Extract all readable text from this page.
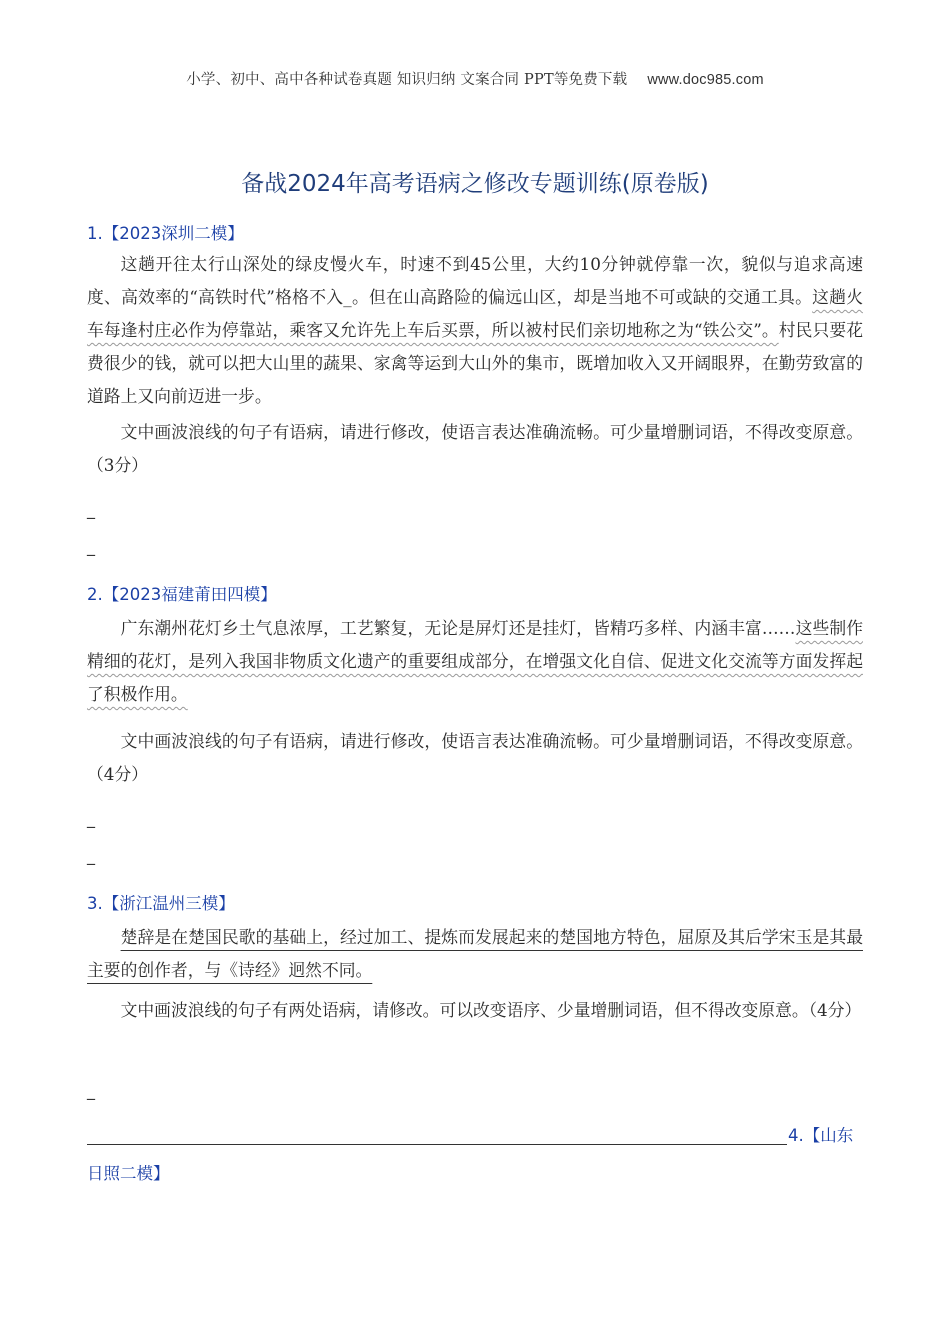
小学、初中、高中各种试卷真题 知识归纳 文案合同 PPT等免费下载 www.doc985.com
备战2024年高考语病之修改专题训练(原卷版)
1.【2023深圳二模】
这趟开往太行山深处的绿皮慢火车，时速不到45公里，大约10分钟就停靠一次，貌似与追求高速度、高效率的“高铁时代”格格不入_。但在山高路险的偏远山区，却是当地不可或缺的交通工具。这趟火车每逢村庄必作为停靠站，乘客又允许先上车后买票，所以被村民们亲切地称之为“铁公交”。村民只要花费很少的钱，就可以把大山里的蔬果、家禽等运到大山外的集市，既增加收入又开阔眼界，在勤劳致富的道路上又向前迈进一步。
文中画波浪线的句子有语病，请进行修改，使语言表达准确流畅。可少量增删词语，不得改变原意。（3分）
_
_
2.【2023福建莆田四模】
广东潮州花灯乡土气息浓厚，工艺繁复，无论是屏灯还是挂灯，皆精巧多样、内涵丰富……这些制作精细的花灯，是列入我国非物质文化遗产的重要组成部分，在增强文化自信、促进文化交流等方面发挥起了积极作用。
文中画波浪线的句子有语病，请进行修改，使语言表达准确流畅。可少量增删词语，不得改变原意。（4分）
_
_
3.【浙江温州三模】
楚辞是在楚国民歌的基础上，经过加工、提炼而发展起来的楚国地方特色，屈原及其后学宋玉是其最主要的创作者，与《诗经》迥然不同。
文中画波浪线的句子有两处语病，请修改。可以改变语序、少量增删词语，但不得改变原意。（4分）
_
4.【山东
日照二模】
